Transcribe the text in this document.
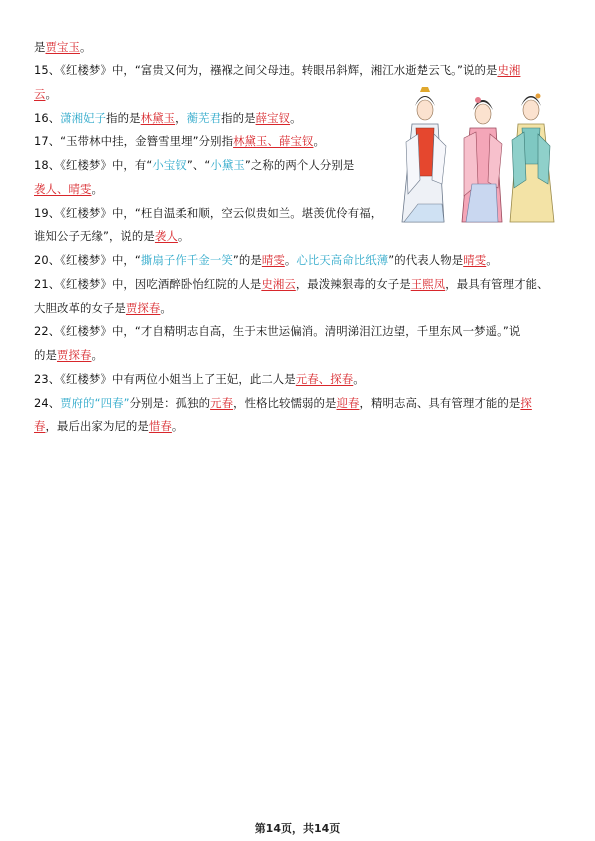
是贾宝玉。
15、《红楼梦》中，“富贵又何为，襁褓之间父母违。转眼吊斜辉，湘江水逝楚云飞。”说的是史湘
云。
16、潇湘妃子指的是林黛玉，蘅芜君指的是薛宝钗。
17、“玉带林中挂，金簪雪里埋”分别指林黛玉、薛宝钗。
18、《红楼梦》中，有“小宝钗”、“小黛玉”之称的两个人分别是
袭人、晴雯。
19、《红楼梦》中，“枉自温柔和顺，空云似贵如兰。堪羡优伶有福，
谁知公子无缘”，说的是袭人。
20、《红楼梦》中，“撕扇子作千金一笑”的是晴雯。心比天高命比纸薄”的代表人物是晴雯。
21、《红楼梦》中，因吃酒醉卧怡红院的人是史湘云，最泼辣狠毒的女子是王熙凤，最具有管理才能、
大胆改革的女子是贾探春。
22、《红楼梦》中，“才自精明志自高，生于末世运偏消。清明涕泪江边望，千里东风一梦遥。”说
的是贾探春。
23、《红楼梦》中有两位小姐当上了王妃，此二人是元春、探春。
24、贾府的“四春”分别是：孤独的元春，性格比较懦弱的是迎春，精明志高、具有管理才能的是探
春，最后出家为尼的是惜春。
第14页，共14页
